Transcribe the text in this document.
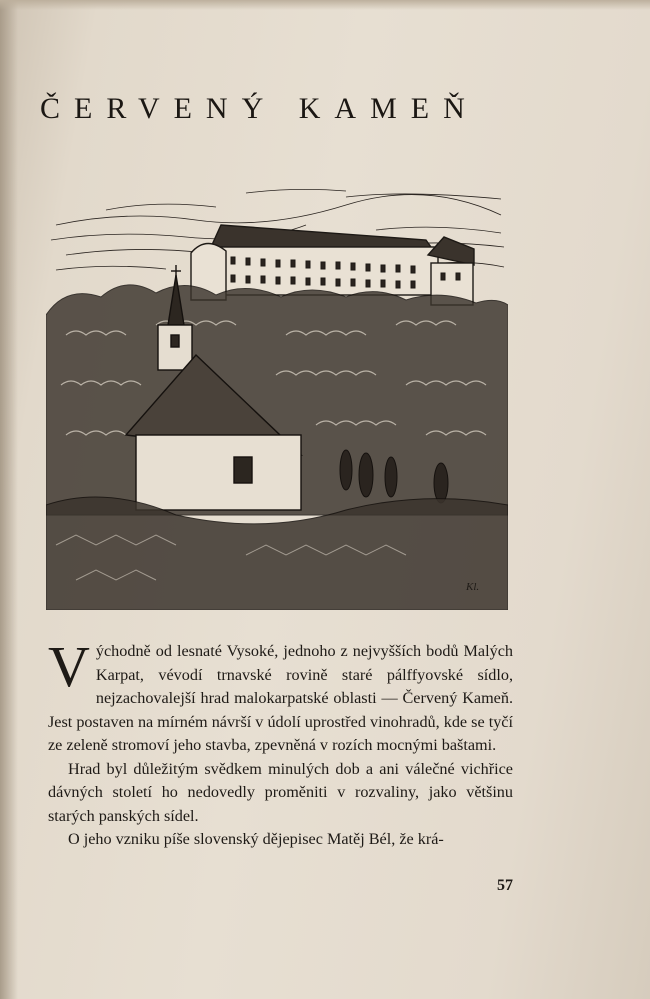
ČERVENÝ KAMEŇ
Kl.

Východně od lesnaté Vysoké, jednoho z nejvyšších bodů Malých Karpat, vévodí trnavské rovině staré pálffyovské sídlo, nejzachovalejší hrad malokarpatské oblasti — Červený Kameň. Jest postaven na mírném návrší v údolí uprostřed vinohradů, kde se tyčí ze zeleně stromoví jeho stavba, zpevněná v rozích mocnými baštami.

Hrad byl důležitým svědkem minulých dob a ani válečné vichřice dávných století ho nedovedly proměniti v rozvaliny, jako většinu starých panských sídel.

O jeho vzniku píše slovenský dějepisec Matěj Bél, že krá-

57
